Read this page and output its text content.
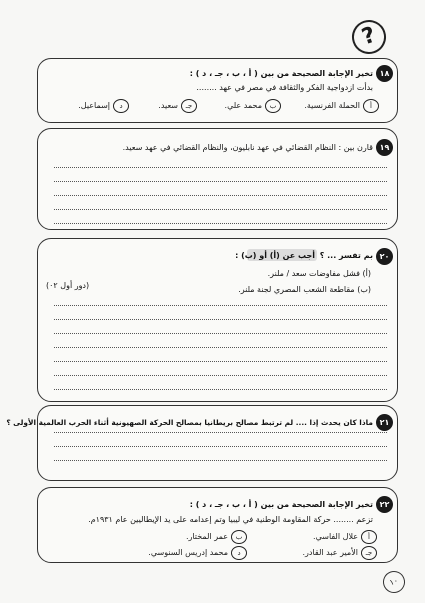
?
١٨
تخير الإجابة الصحيحة من بين ( أ ، ب ، جـ ، د ) :
بدأت ازدواجية الفكر والثقافة في مصر في عهد ........
أالحملة الفرنسية.
بمحمد علي.
جـسعيد.
دإسماعيل.
١٩
قارن بين : النظام القضائي في عهد نابليون، والنظام القضائي في عهد سعيد.
٢٠
بم تفسر ... ؟
أجب عن (أ) أو (ب) :
(أ) فشل مفاوضات سعد / ملنر.
(ب) مقاطعة الشعب المصري لجنة ملنر.
(دور أول ٠٢)
٢١
ماذا كان يحدث إذا .... لم ترتبط مصالح بريطانيا بمصالح الحركة الصهيونية أثناء الحرب العالمية الأولى ؟
٢٢
تخير الإجابة الصحيحة من بين ( أ ، ب ، جـ ، د ) :
تزعم ........ حركة المقاومة الوطنية في ليبيا وتم إعدامه على يد الإيطاليين عام ١٩٣١م.
أعلال الفاسي.
بعمر المختار.
جـالأمير عبد القادر.
دمحمد إدريس السنوسي.
١٠
